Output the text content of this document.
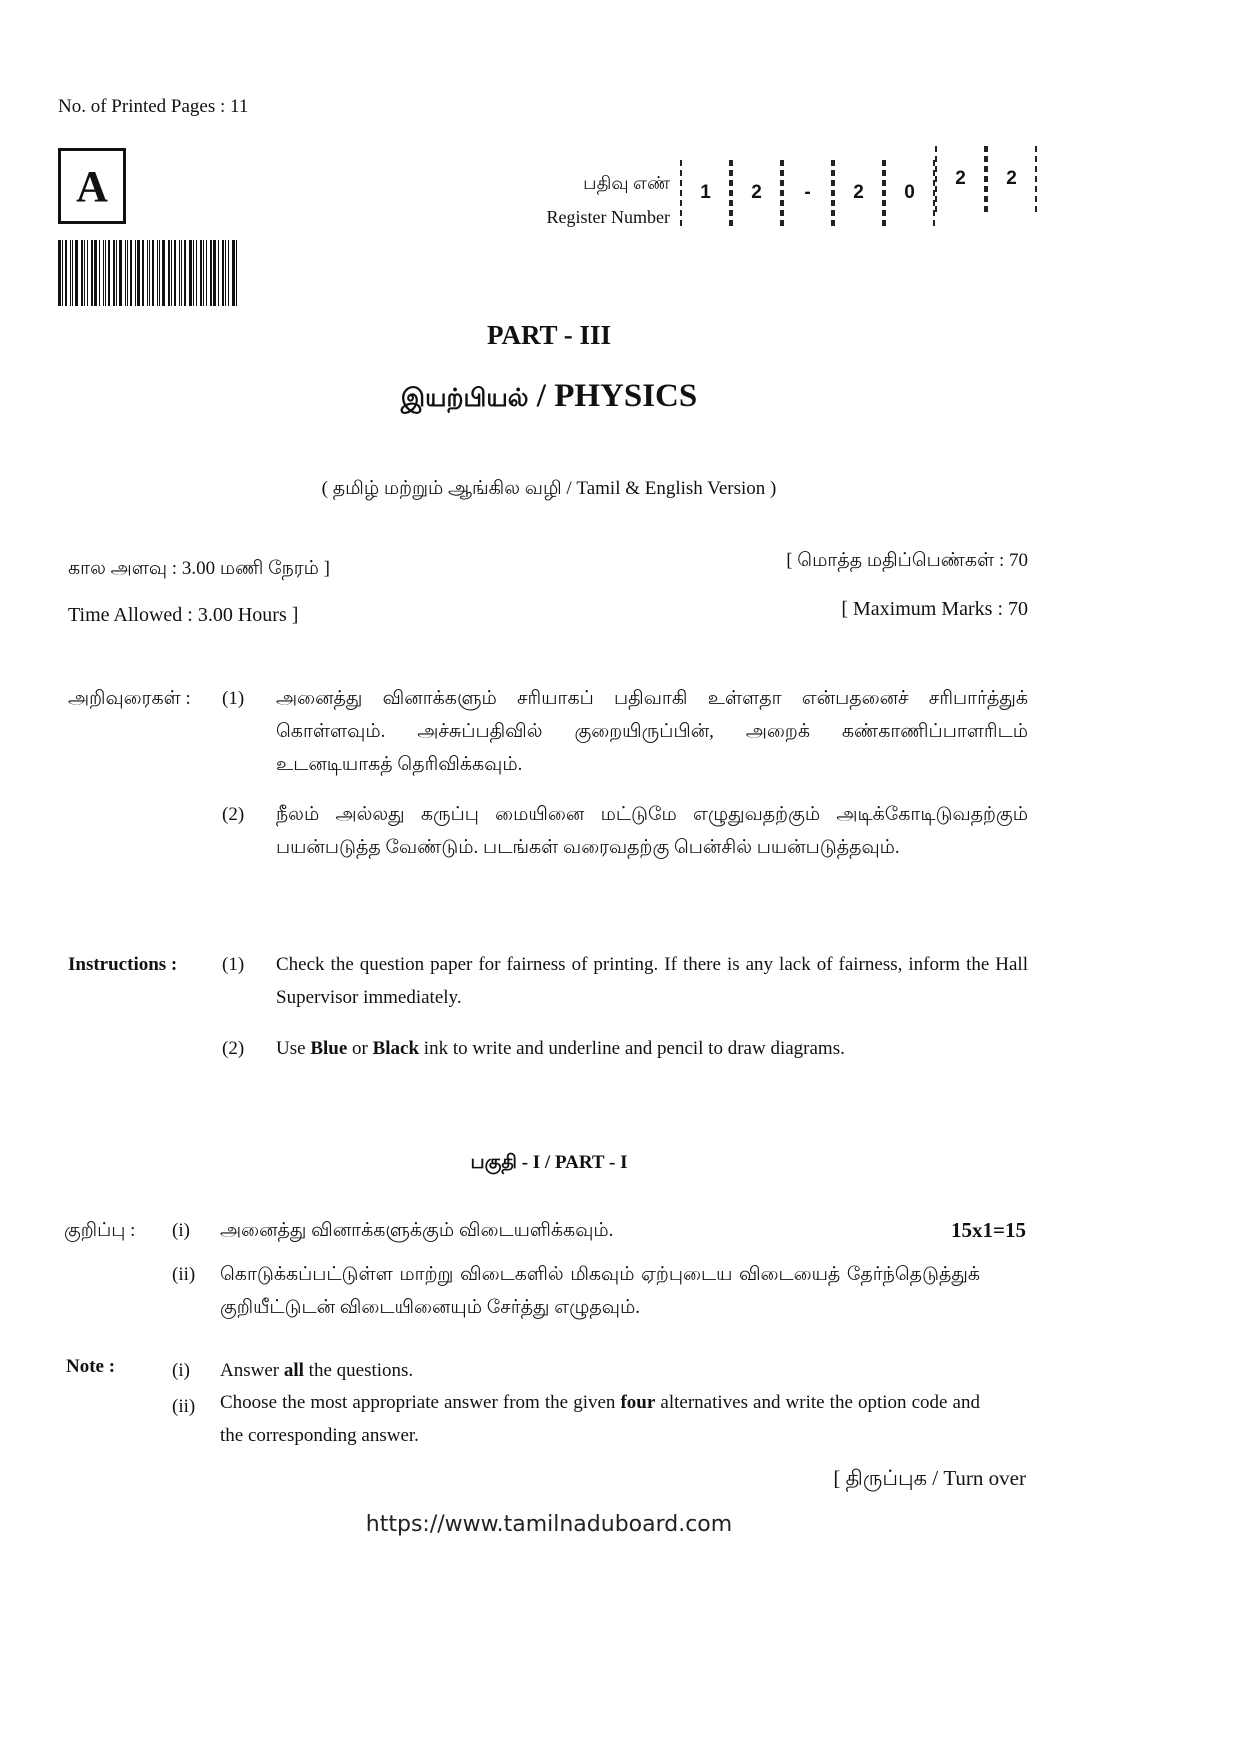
No. of Printed Pages : 11
A	பதிவு எண்
Register Number
1	2	-	2	0
2	2
PART - III
இயற்பியல் / PHYSICS
( தமிழ் மற்றும் ஆங்கில வழி / Tamil & English Version )
கால அளவு : 3.00 மணி நேரம் ]	[ மொத்த மதிப்பெண்கள் : 70
Time Allowed : 3.00 Hours ]	[ Maximum Marks : 70
அறிவுரைகள் : (1) அனைத்து வினாக்களும் சரியாகப் பதிவாகி உள்ளதா என்பதனைச் சரிபார்த்துக் கொள்ளவும். அச்சுப்பதிவில் குறையிருப்பின், அறைக் கண்காணிப்பாளரிடம் உடனடியாகத் தெரிவிக்கவும்.
(2) நீலம் அல்லது கருப்பு மையினை மட்டுமே எழுதுவதற்கும் அடிக்கோடிடுவதற்கும் பயன்படுத்த வேண்டும். படங்கள் வரைவதற்கு பென்சில் பயன்படுத்தவும்.
Instructions : (1) Check the question paper for fairness of printing. If there is any lack of fairness, inform the Hall Supervisor immediately.
(2) Use Blue or Black ink to write and underline and pencil to draw diagrams.
பகுதி - I / PART - I
குறிப்பு : (i) அனைத்து வினாக்களுக்கும் விடையளிக்கவும்.	15x1=15
(ii) கொடுக்கப்பட்டுள்ள மாற்று விடைகளில் மிகவும் ஏற்புடைய விடையைத் தேர்ந்தெடுத்துக் குறியீட்டுடன் விடையினையும் சேர்த்து எழுதவும்.
Note :	(i) Answer all the questions.
(ii) Choose the most appropriate answer from the given four alternatives and write the option code and the corresponding answer.
[ திருப்புக / Turn over
https://www.tamilnaduboard.com
